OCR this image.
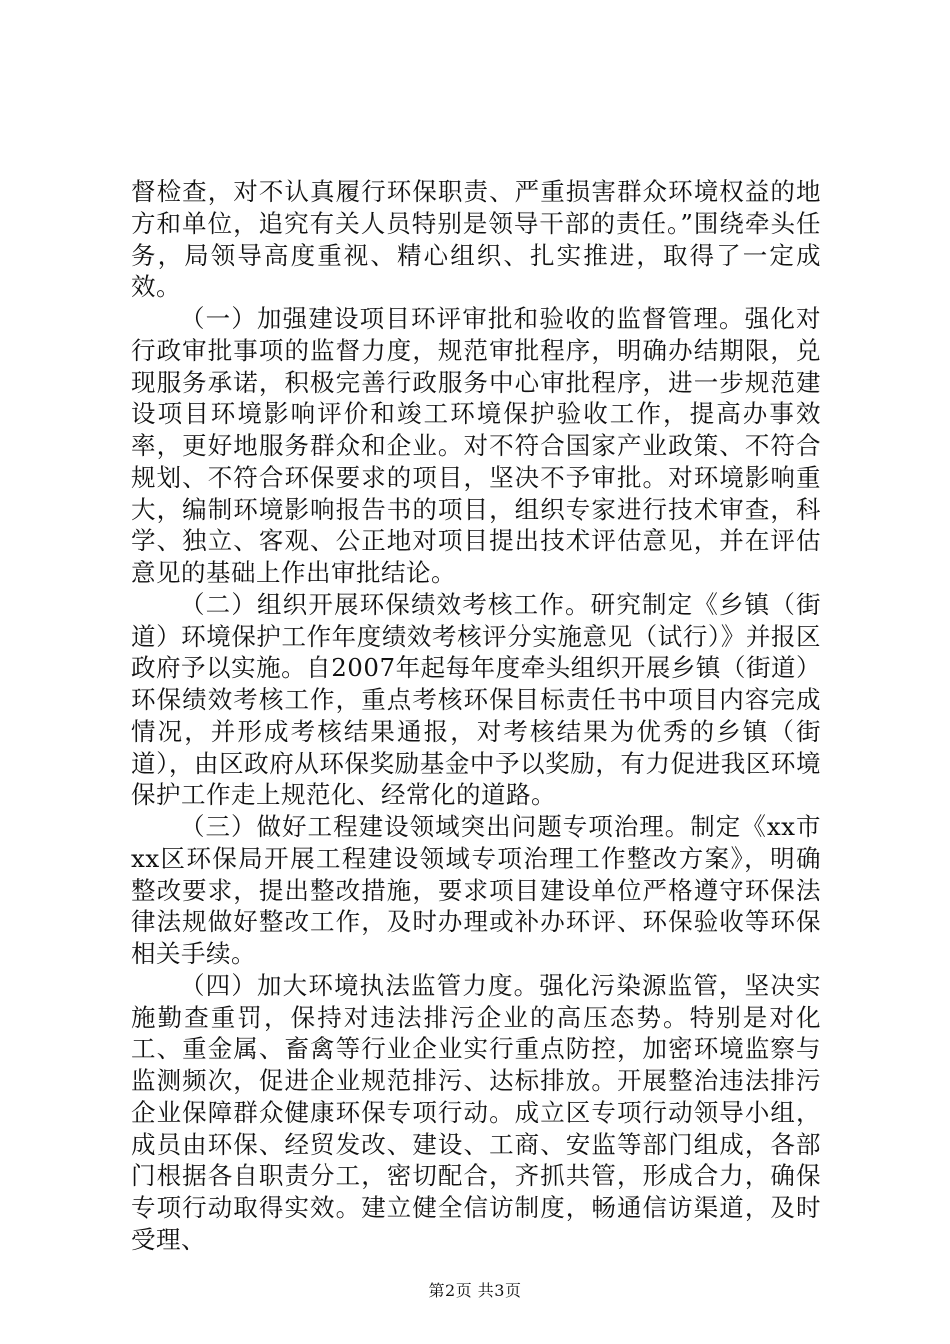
督检查，对不认真履行环保职责、严重损害群众环境权益的地方和单位，追究有关人员特别是领导干部的责任。”围绕牵头任务，局领导高度重视、精心组织、扎实推进，取得了一定成效。

（一）加强建设项目环评审批和验收的监督管理。强化对行政审批事项的监督力度，规范审批程序，明确办结期限，兑现服务承诺，积极完善行政服务中心审批程序，进一步规范建设项目环境影响评价和竣工环境保护验收工作，提高办事效率，更好地服务群众和企业。对不符合国家产业政策、不符合规划、不符合环保要求的项目，坚决不予审批。对环境影响重大，编制环境影响报告书的项目，组织专家进行技术审查，科学、独立、客观、公正地对项目提出技术评估意见，并在评估意见的基础上作出审批结论。

（二）组织开展环保绩效考核工作。研究制定《乡镇（街道）环境保护工作年度绩效考核评分实施意见（试行）》并报区政府予以实施。自2007年起每年度牵头组织开展乡镇（街道）环保绩效考核工作，重点考核环保目标责任书中项目内容完成情况，并形成考核结果通报，对考核结果为优秀的乡镇（街道），由区政府从环保奖励基金中予以奖励，有力促进我区环境保护工作走上规范化、经常化的道路。

（三）做好工程建设领域突出问题专项治理。制定《xx市xx区环保局开展工程建设领域专项治理工作整改方案》，明确整改要求，提出整改措施，要求项目建设单位严格遵守环保法律法规做好整改工作，及时办理或补办环评、环保验收等环保相关手续。

（四）加大环境执法监管力度。强化污染源监管，坚决实施勤查重罚，保持对违法排污企业的高压态势。特别是对化工、重金属、畜禽等行业企业实行重点防控，加密环境监察与监测频次，促进企业规范排污、达标排放。开展整治违法排污企业保障群众健康环保专项行动。成立区专项行动领导小组，成员由环保、经贸发改、建设、工商、安监等部门组成，各部门根据各自职责分工，密切配合，齐抓共管，形成合力，确保专项行动取得实效。建立健全信访制度，畅通信访渠道，及时受理、

第2页 共3页
